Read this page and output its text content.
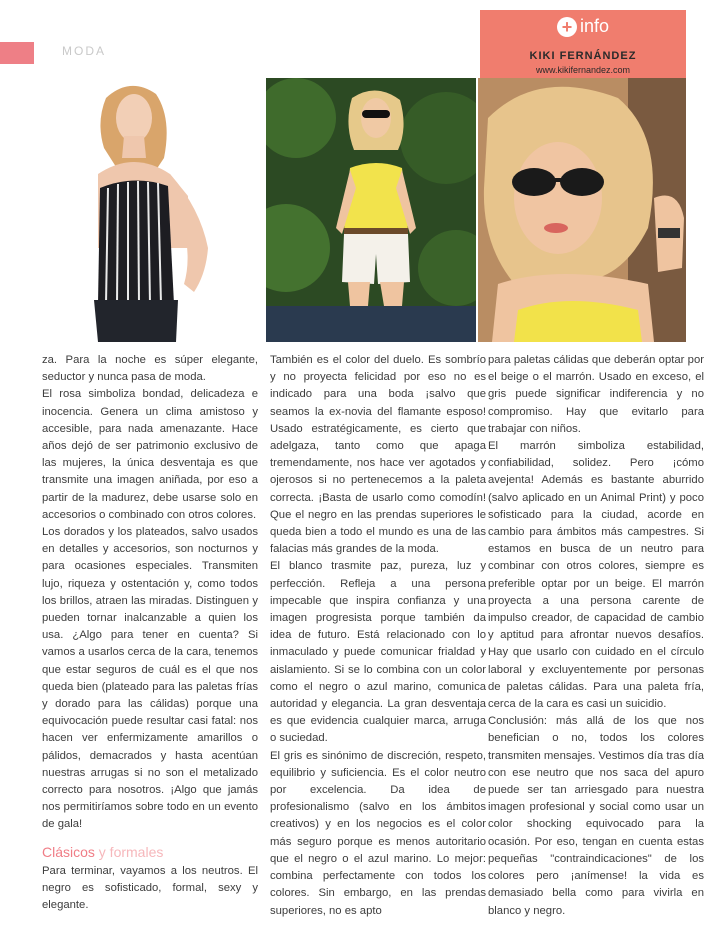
MODA
+ info
KIKI FERNÁNDEZ
www.kikifernandez.com

za. Para la noche es súper elegante, seductor y nunca pasa de moda.

El rosa simboliza bondad, delicadeza e inocencia. Genera un clima amistoso y accesible, para nada amenazante. Hace años dejó de ser patrimonio exclusivo de las mujeres, la única desventaja es que transmite una imagen aniñada, por eso a partir de la madurez, debe usarse solo en accesorios o combinado con otros colores.

Los dorados y los plateados, salvo usados en detalles y accesorios, son nocturnos y para ocasiones especiales. Transmiten lujo, riqueza y ostentación y, como todos los brillos, atraen las miradas. Distinguen y pueden tornar inalcanzable a quien los usa. ¿Algo para tener en cuenta? Si vamos a usarlos cerca de la cara, tenemos que estar seguros de cuál es el que nos queda bien (plateado para las paletas frías y dorado para las cálidas) porque una equivocación puede resultar casi fatal: nos hacen ver enfermizamente amarillos o pálidos, demacrados y hasta acentúan nuestras arrugas si no son el metalizado correcto para nosotros. ¡Algo que jamás nos permitiríamos sobre todo en un evento de gala!

Clásicos y formales

Para terminar, vayamos a los neutros. El negro es sofisticado, formal, sexy y elegante.

También es el color del duelo. Es sombrío y no proyecta felicidad por eso no es indicado para una boda ¡salvo que seamos la ex-novia del flamante esposo! Usado estratégicamente, es cierto que adelgaza, tanto como que apaga tremendamente, nos hace ver agotados y ojerosos si no pertenecemos a la paleta correcta. ¡Basta de usarlo como comodín! Que el negro en las prendas superiores le queda bien a todo el mundo es una de las falacias más grandes de la moda.

El blanco trasmite paz, pureza, luz y perfección. Refleja a una persona impecable que inspira confianza y una imagen progresista porque también da idea de futuro. Está relacionado con lo inmaculado y puede comunicar frialdad y aislamiento. Si se lo combina con un color como el negro o azul marino, comunica autoridad y elegancia. La gran desventaja es que evidencia cualquier marca, arruga o suciedad.

El gris es sinónimo de discreción, respeto, equilibrio y suficiencia. Es el color neutro por excelencia. Da idea de profesionalismo (salvo en los ámbitos creativos) y en los negocios es el color más seguro porque es menos autoritario que el negro o el azul marino. Lo mejor: combina perfectamente con todos los colores. Sin embargo, en las prendas superiores, no es apto

para paletas cálidas que deberán optar por el beige o el marrón. Usado en exceso, el gris puede significar indiferencia y no compromiso. Hay que evitarlo para trabajar con niños.

El marrón simboliza estabilidad, confiabilidad, solidez. Pero ¡cómo avejenta! Además es bastante aburrido (salvo aplicado en un Animal Print) y poco sofisticado para la ciudad, acorde en cambio para ámbitos más campestres. Si estamos en busca de un neutro para combinar con otros colores, siempre es preferible optar por un beige. El marrón proyecta a una persona carente de impulso creador, de capacidad de cambio y aptitud para afrontar nuevos desafíos. Hay que usarlo con cuidado en el círculo laboral y excluyentemente por personas de paletas cálidas. Para una paleta fría, cerca de la cara es casi un suicidio.

Conclusión: más allá de los que nos benefician o no, todos los colores transmiten mensajes. Vestimos día tras día con ese neutro que nos saca del apuro puede ser tan arriesgado para nuestra imagen profesional y social como usar un color shocking equivocado para la ocasión. Por eso, tengan en cuenta estas pequeñas "contraindicaciones" de los colores pero ¡anímense! la vida es demasiado bella como para vivirla en blanco y negro.
